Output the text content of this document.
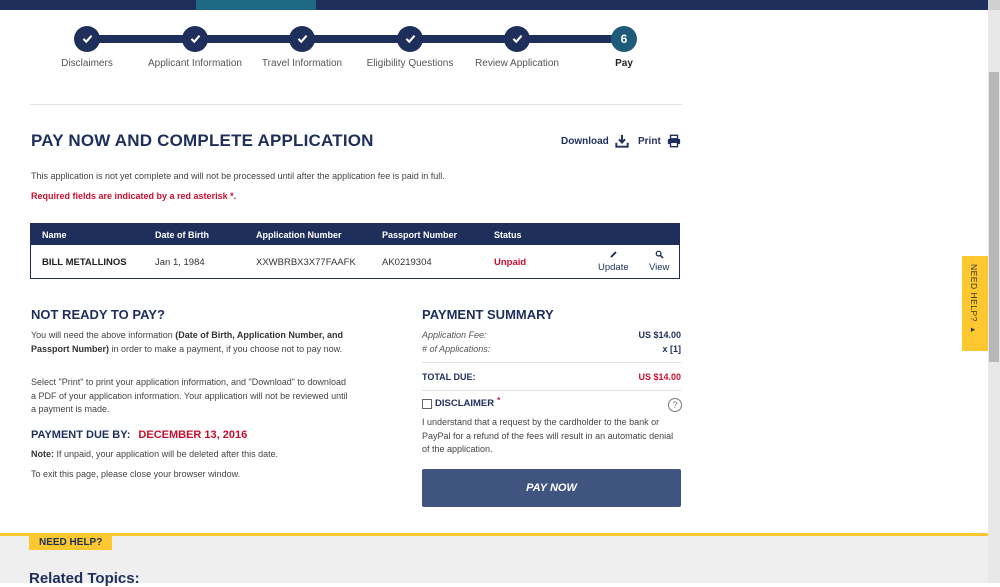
Disclaimers	Applicant Information	Travel Information	Eligibility Questions	Review Application
6
Pay
PAY NOW AND COMPLETE APPLICATION	Download	Print
This application is not yet complete and will not be processed until after the application fee is paid in full.
Required fields are indicated by a red asterisk *.
Name	Date of Birth	Application Number	Passport Number	Status
BILL METALLINOS	Jan 1, 1984	XXWBRBX3X77FAAFK	AK0219304	Unpaid	Update View
NOT READY TO PAY?
You will need the above information (Date of Birth, Application Number, and Passport Number) in order to make a payment, if you choose not to pay now.
Select "Print" to print your application information, and "Download" to download a PDF of your application information. Your application will not be reviewed until a payment is made.
PAYMENT DUE BY: DECEMBER 13, 2016
Note: If unpaid, your application will be deleted after this date.
To exit this page, please close your browser window.
PAYMENT SUMMARY
Application Fee:	US $14.00
# of Applications:	x [1]
TOTAL DUE:	US $14.00
DISCLAIMER *	?
I understand that a request by the cardholder to the bank or PayPal for a refund of the fees will result in an automatic denial of the application.
PAY NOW
NEED HELP? ▸
NEED HELP?
Related Topics:
